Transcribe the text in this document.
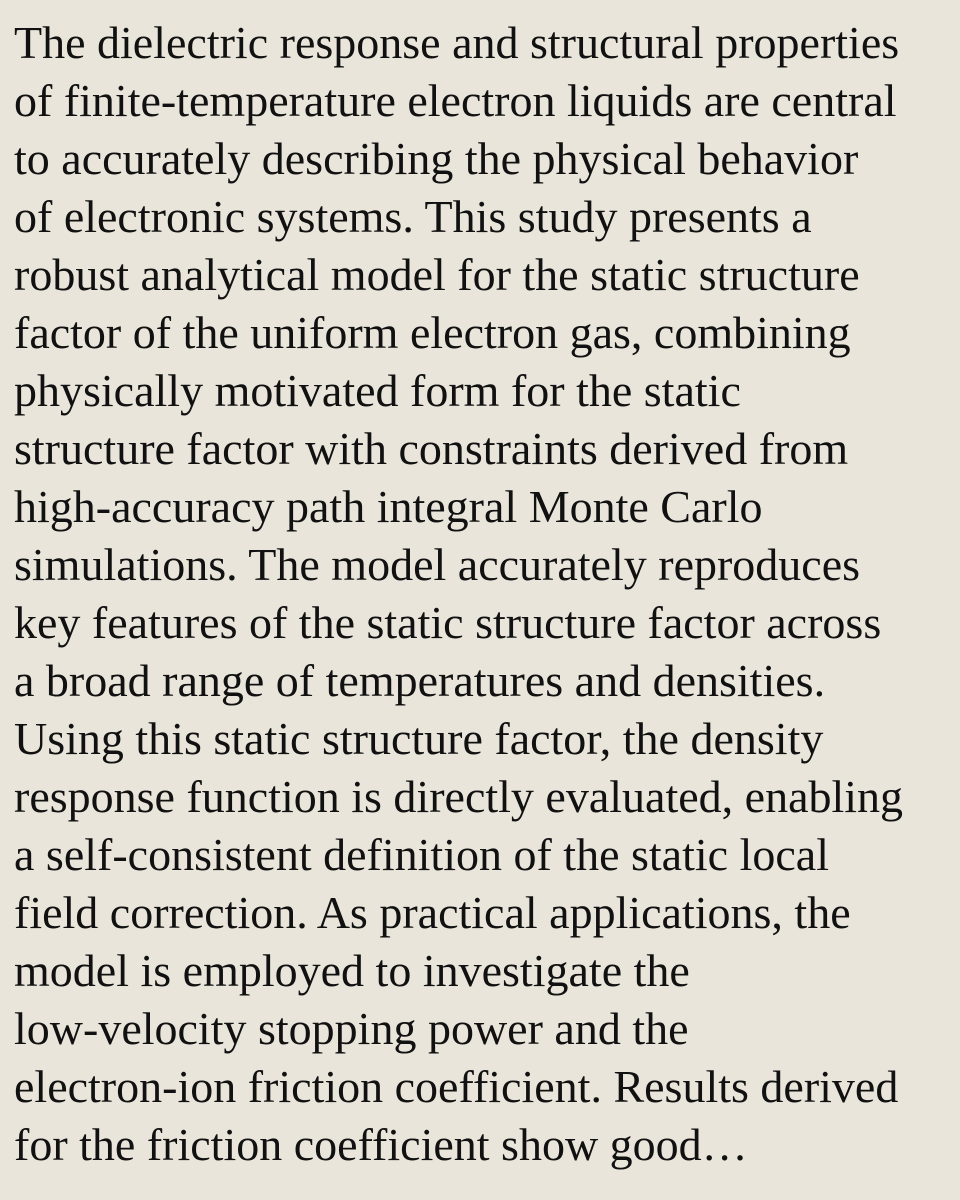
The dielectric response and structural properties
of finite-temperature electron liquids are central
to accurately describing the physical behavior
of electronic systems. This study presents a
robust analytical model for the static structure
factor of the uniform electron gas, combining
physically motivated form for the static
structure factor with constraints derived from
high-accuracy path integral Monte Carlo
simulations. The model accurately reproduces
key features of the static structure factor across
a broad range of temperatures and densities.
Using this static structure factor, the density
response function is directly evaluated, enabling
a self-consistent definition of the static local
field correction. As practical applications, the
model is employed to investigate the
low-velocity stopping power and the
electron-ion friction coefficient. Results derived
for the friction coefficient show good…
